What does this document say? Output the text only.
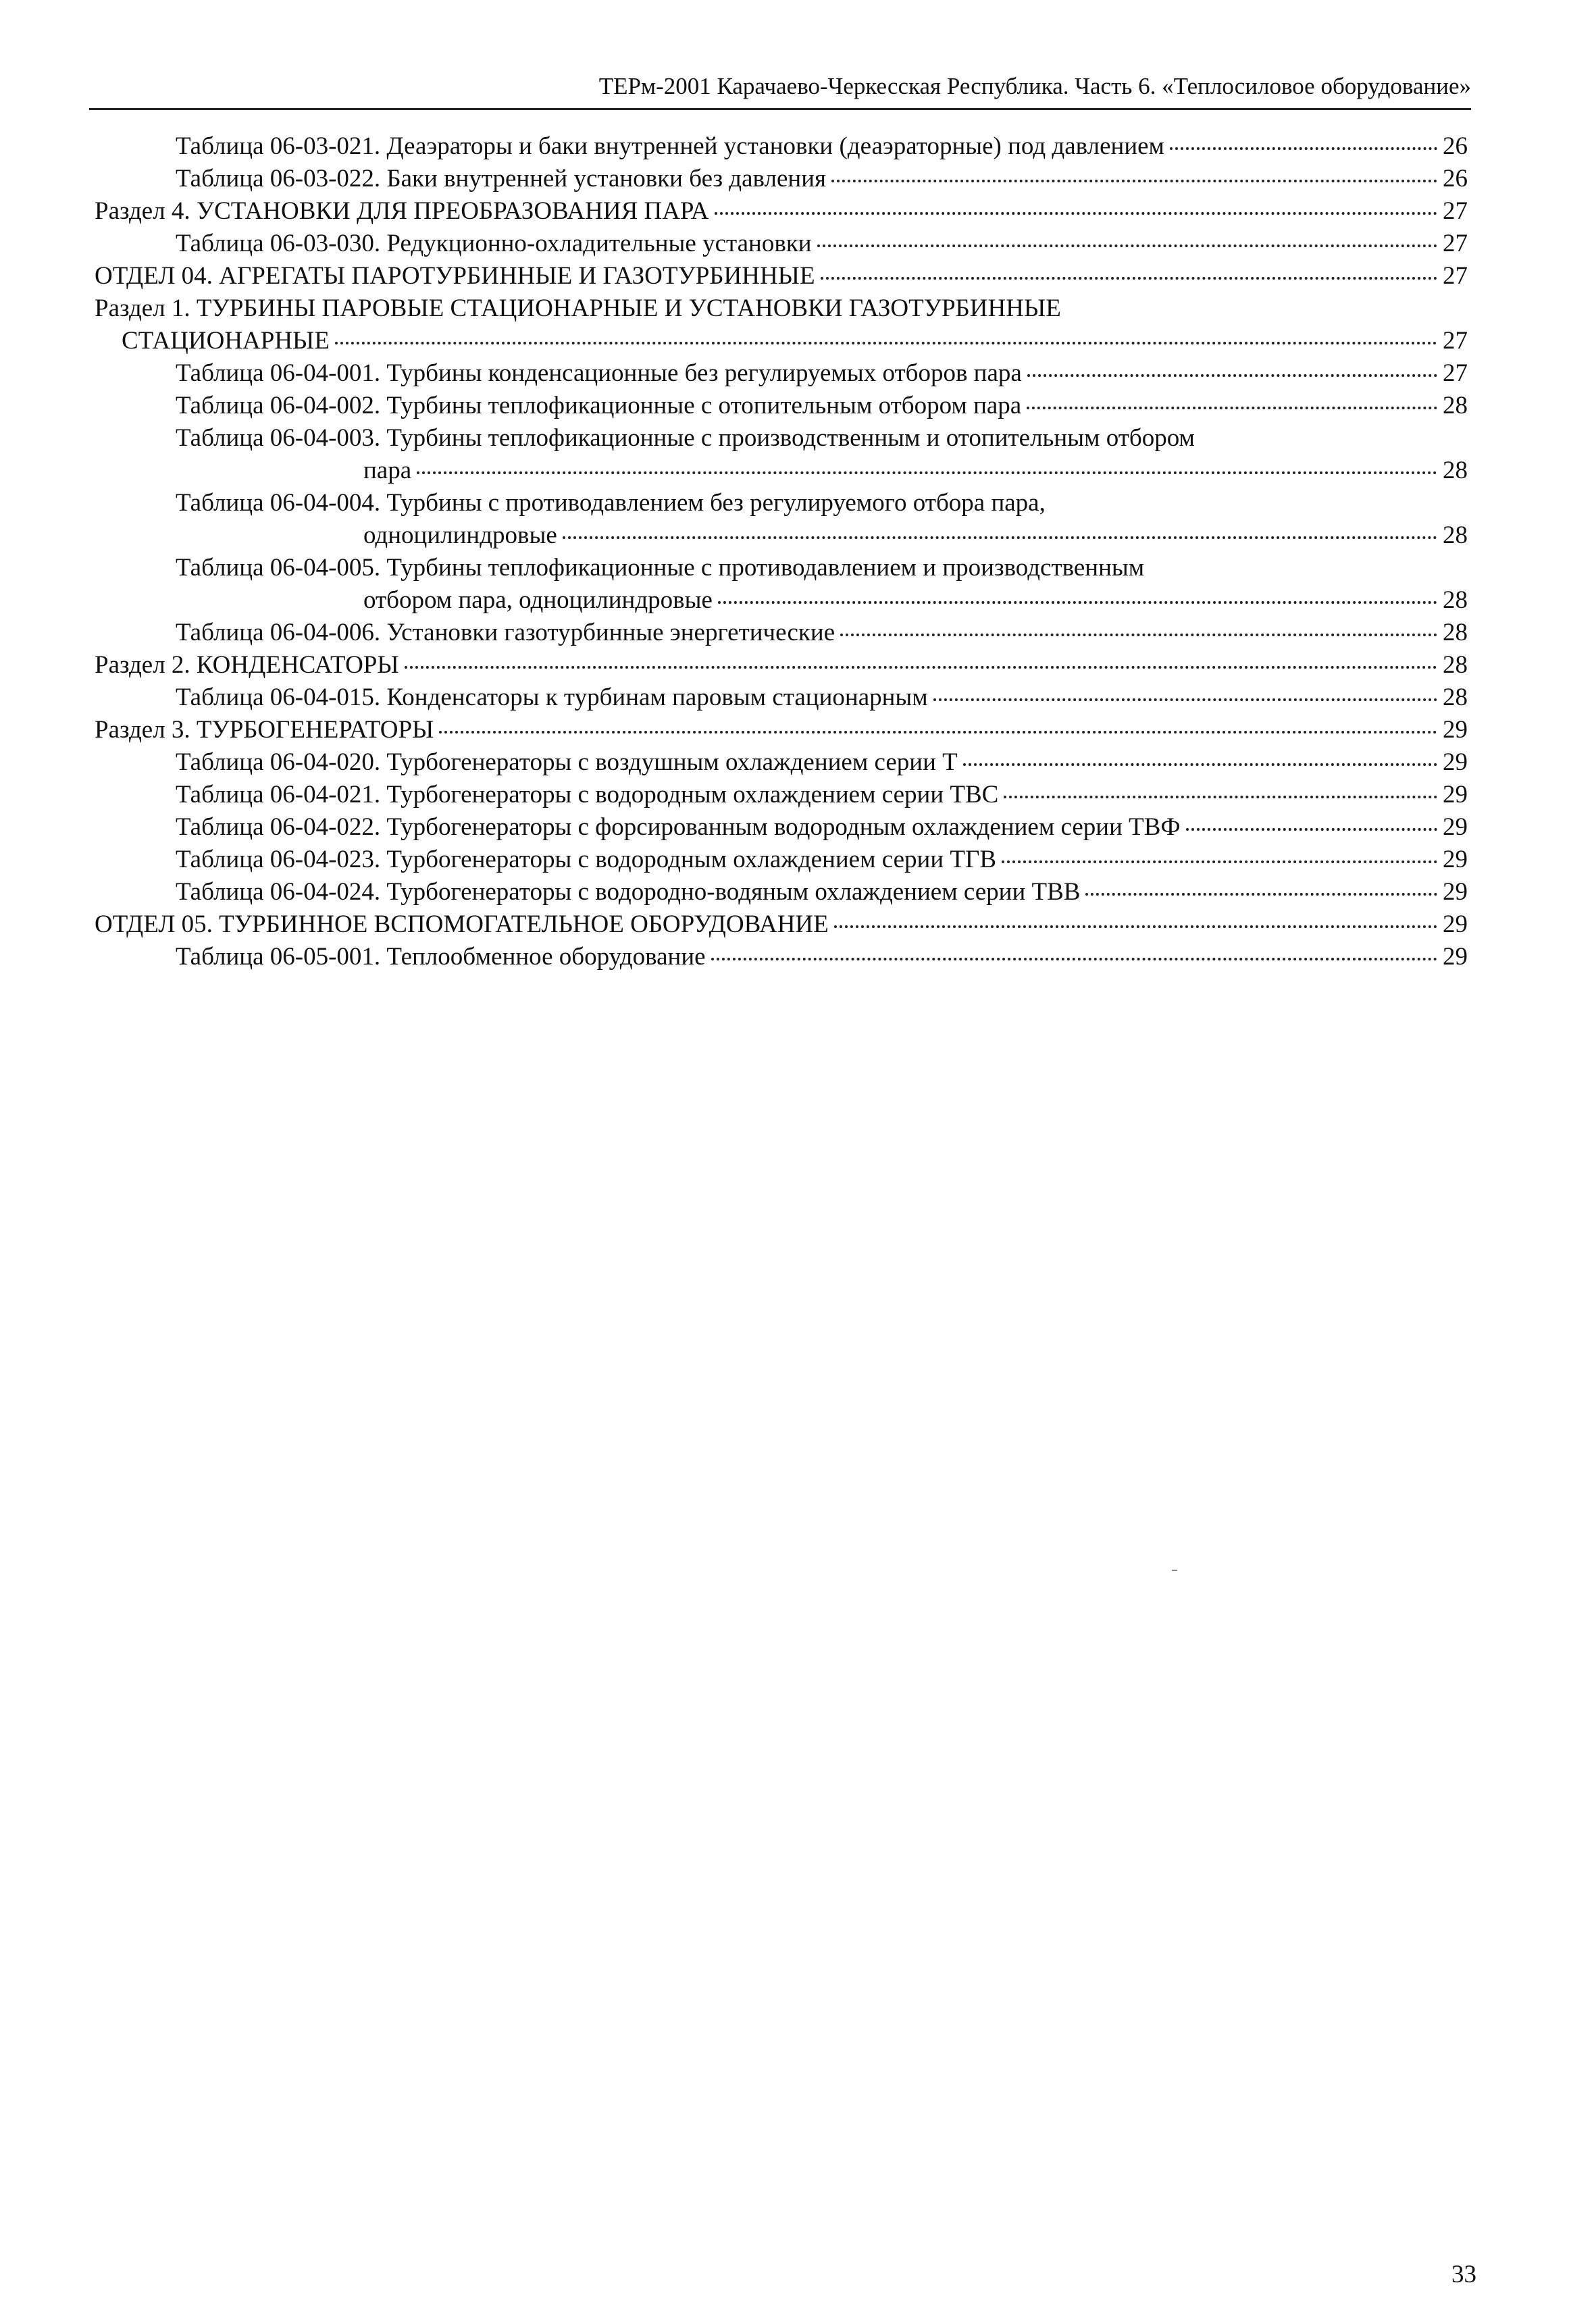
ТЕРм-2001 Карачаево-Черкесская Республика. Часть 6. «Теплосиловое оборудование»
Таблица 06-03-021. Деаэраторы и баки внутренней установки (деаэраторные) под давлением	26
Таблица 06-03-022. Баки внутренней установки без давления	26
Раздел 4. УСТАНОВКИ ДЛЯ ПРЕОБРАЗОВАНИЯ ПАРА	27
Таблица 06-03-030. Редукционно-охладительные установки	27
ОТДЕЛ 04. АГРЕГАТЫ ПАРОТУРБИННЫЕ И ГАЗОТУРБИННЫЕ	27
Раздел 1. ТУРБИНЫ ПАРОВЫЕ СТАЦИОНАРНЫЕ И УСТАНОВКИ ГАЗОТУРБИННЫЕ
СТАЦИОНАРНЫЕ	27
Таблица 06-04-001. Турбины конденсационные без регулируемых отборов пара	27
Таблица 06-04-002. Турбины теплофикационные с отопительным отбором пара	28
Таблица 06-04-003. Турбины теплофикационные с производственным и отопительным отбором
пара	28
Таблица 06-04-004. Турбины с противодавлением без регулируемого отбора пара,
одноцилиндровые	28
Таблица 06-04-005. Турбины теплофикационные с противодавлением и производственным
отбором пара, одноцилиндровые	28
Таблица 06-04-006. Установки газотурбинные энергетические	28
Раздел 2. КОНДЕНСАТОРЫ	28
Таблица 06-04-015. Конденсаторы к турбинам паровым стационарным	28
Раздел 3. ТУРБОГЕНЕРАТОРЫ	29
Таблица 06-04-020. Турбогенераторы с воздушным охлаждением серии Т	29
Таблица 06-04-021. Турбогенераторы с водородным охлаждением серии ТВС	29
Таблица 06-04-022. Турбогенераторы с форсированным водородным охлаждением серии ТВФ	29
Таблица 06-04-023. Турбогенераторы с водородным охлаждением серии ТГВ	29
Таблица 06-04-024. Турбогенераторы с водородно-водяным охлаждением серии ТВВ	29
ОТДЕЛ 05. ТУРБИННОЕ ВСПОМОГАТЕЛЬНОЕ ОБОРУДОВАНИЕ	29
Таблица 06-05-001. Теплообменное оборудование	29
33
